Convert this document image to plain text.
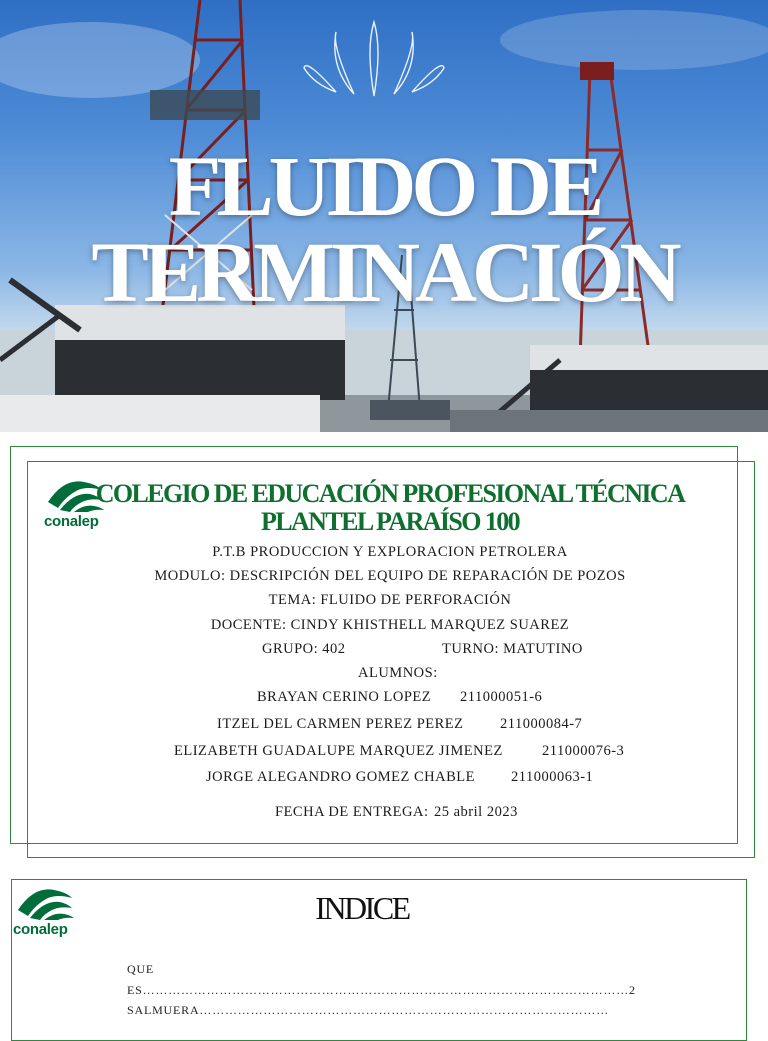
FLUIDO DE
TERMINACIÓN
conalep
COLEGIO DE EDUCACIÓN PROFESIONAL TÉCNICA
PLANTEL PARAÍSO 100
P.T.B PRODUCCION Y EXPLORACION PETROLERA
MODULO: DESCRIPCIÓN DEL EQUIPO DE REPARACIÓN DE POZOS
TEMA: FLUIDO DE PERFORACIÓN
DOCENTE: CINDY KHISTHELL MARQUEZ SUAREZ
GRUPO: 402	TURNO: MATUTINO
ALUMNOS:
BRAYAN CERINO LOPEZ 211000051-6
ITZEL DEL CARMEN PEREZ PEREZ	211000084-7
ELIZABETH GUADALUPE MARQUEZ JIMENEZ	211000076-3
JORGE ALEGANDRO GOMEZ CHABLE 211000063-1
FECHA DE ENTREGA: 25 abril 2023
conalep
INDICE
QUE
ES……………………………………………………………………………………………………2
SALMUERA……………………………………………………………………………………
